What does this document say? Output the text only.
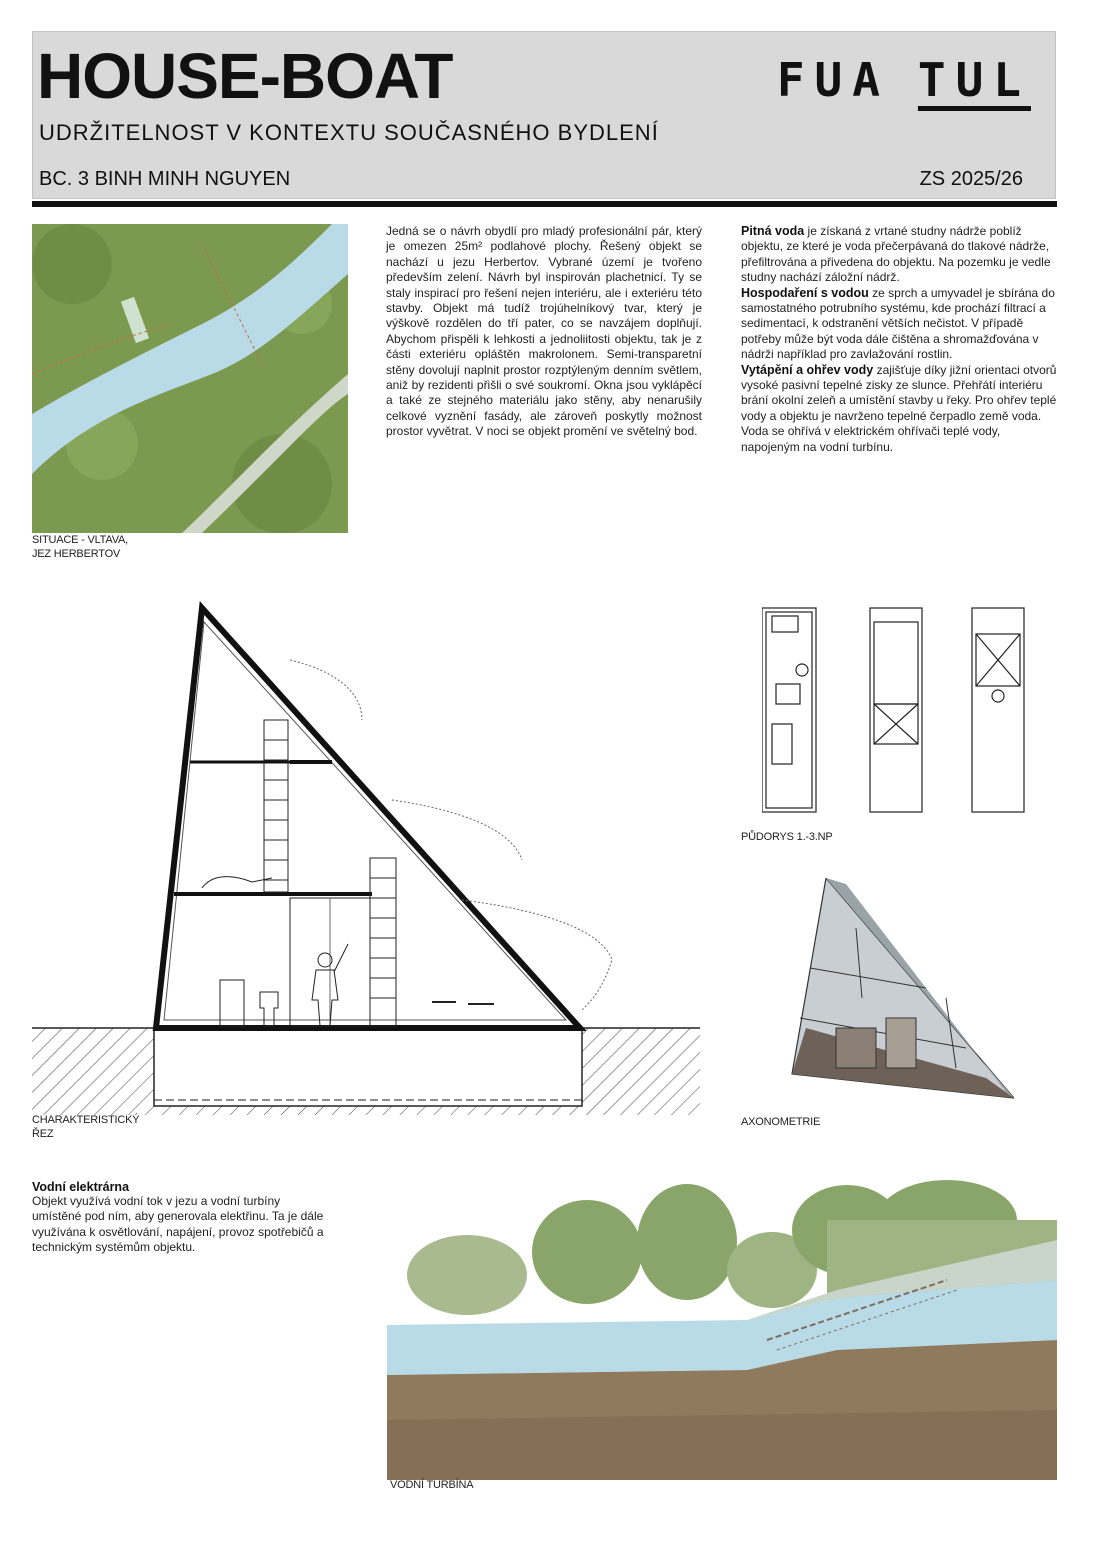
HOUSE-BOAT
UDRŽITELNOST V KONTEXTU SOUČASNÉHO BYDLENÍ
BC. 3 BINH MINH NGUYEN	ZS 2025/26
FUA TUL
SITUACE - VLTAVA,
JEZ HERBERTOV
Jedná se o návrh obydlí pro mladý profesionální pár, který je omezen 25m² podlahové plochy. Řešený objekt se nachází u jezu Herbertov. Vybrané území je tvořeno především zelení. Návrh byl inspirován plachetnicí. Ty se staly inspirací pro řešení nejen interiéru, ale i exteriéru této stavby. Objekt má tudíž trojúhelníkový tvar, který je výškově rozdělen do tří pater, co se navzájem doplňují. Abychom přispěli k lehkosti a jednoliitosti objektu, tak je z části exteriéru opláštěn makrolonem. Semi-transparetní stěny dovolují naplnit prostor rozptýleným denním světlem, aniž by rezidenti přišli o své soukromí. Okna jsou vyklápěcí a také ze stejného materiálu jako stěny, aby nenarušily celkové vyznění fasády, ale zároveň poskytly možnost prostor vyvětrat. V noci se objekt promění ve světelný bod.
Pitná voda je získaná z vrtané studny nádrže poblíž objektu, ze které je voda přečerpávaná do tlakové nádrže, přefiltrována a přivedena do objektu. Na pozemku je vedle studny nachází záložní nádrž.
Hospodaření s vodou ze sprch a umyvadel je sbírána do samostatného potrubního systému, kde prochází filtrací a sedimentací, k odstranění větších nečistot. V případě potřeby může být voda dále čištěna a shromažďována v nádrži například pro zavlažování rostlin.
Vytápění a ohřev vody zajišťuje díky jižní orientaci otvorů vysoké pasivní tepelné zisky ze slunce. Přehřátí interiéru brání okolní zeleň a umístění stavby u řeky. Pro ohřev teplé vody a objektu je navrženo tepelné čerpadlo země voda. Voda se ohřívá v elektrickém ohřívači teplé vody, napojeným na vodní turbínu.
CHARAKTERISTICKÝ
ŘEZ
PŮDORYS 1.-3.NP
AXONOMETRIE
Vodní elektrárna
Objekt využívá vodní tok v jezu a vodní turbíny umístěné pod ním, aby generovala elektřinu. Ta je dále využívána k osvětlování, napájení, provoz spotřebičů a technickým systémům objektu.
VODNÍ TURBÍNA
